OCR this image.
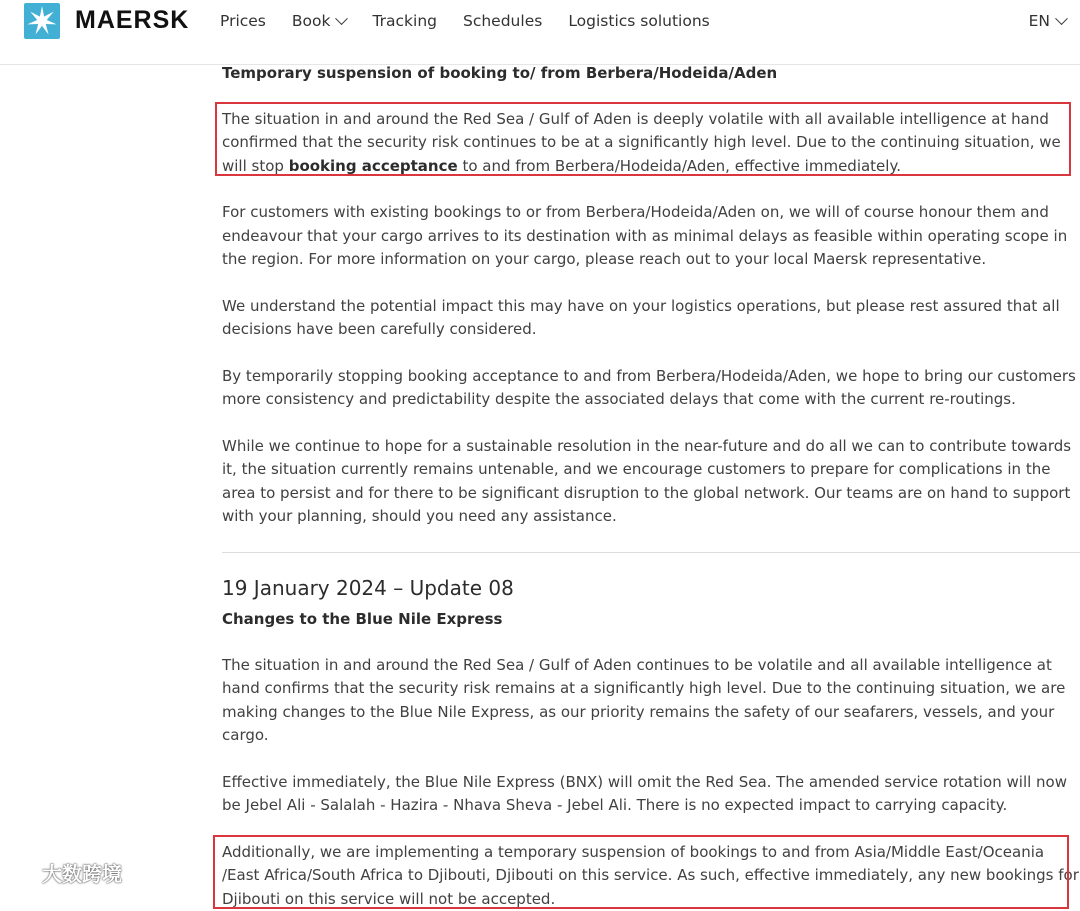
MAERSK Prices Book	Tracking Schedules Logistics solutions	EN

Temporary suspension of booking to/ from Berbera/Hodeida/Aden

The situation in and around the Red Sea / Gulf of Aden is deeply volatile with all available intelligence at hand confirmed that the security risk continues to be at a significantly high level. Due to the continuing situation, we will stop booking acceptance to and from Berbera/Hodeida/Aden, effective immediately.

For customers with existing bookings to or from Berbera/Hodeida/Aden on, we will of course honour them and endeavour that your cargo arrives to its destination with as minimal delays as feasible within operating scope in the region. For more information on your cargo, please reach out to your local Maersk representative.

We understand the potential impact this may have on your logistics operations, but please rest assured that all decisions have been carefully considered.

By temporarily stopping booking acceptance to and from Berbera/Hodeida/Aden, we hope to bring our customers more consistency and predictability despite the associated delays that come with the current re-routings.

While we continue to hope for a sustainable resolution in the near-future and do all we can to contribute towards it, the situation currently remains untenable, and we encourage customers to prepare for complications in the area to persist and for there to be significant disruption to the global network. Our teams are on hand to support with your planning, should you need any assistance.

19 January 2024 – Update 08

Changes to the Blue Nile Express

The situation in and around the Red Sea / Gulf of Aden continues to be volatile and all available intelligence at hand confirms that the security risk remains at a significantly high level. Due to the continuing situation, we are making changes to the Blue Nile Express, as our priority remains the safety of our seafarers, vessels, and your cargo.

Effective immediately, the Blue Nile Express (BNX) will omit the Red Sea. The amended service rotation will now be Jebel Ali - Salalah - Hazira - Nhava Sheva - Jebel Ali. There is no expected impact to carrying capacity.

Additionally, we are implementing a temporary suspension of bookings to and from Asia/Middle East/Oceania /East Africa/South Africa to Djibouti, Djibouti on this service. As such, effective immediately, any new bookings for Djibouti on this service will not be accepted.

大数跨境
